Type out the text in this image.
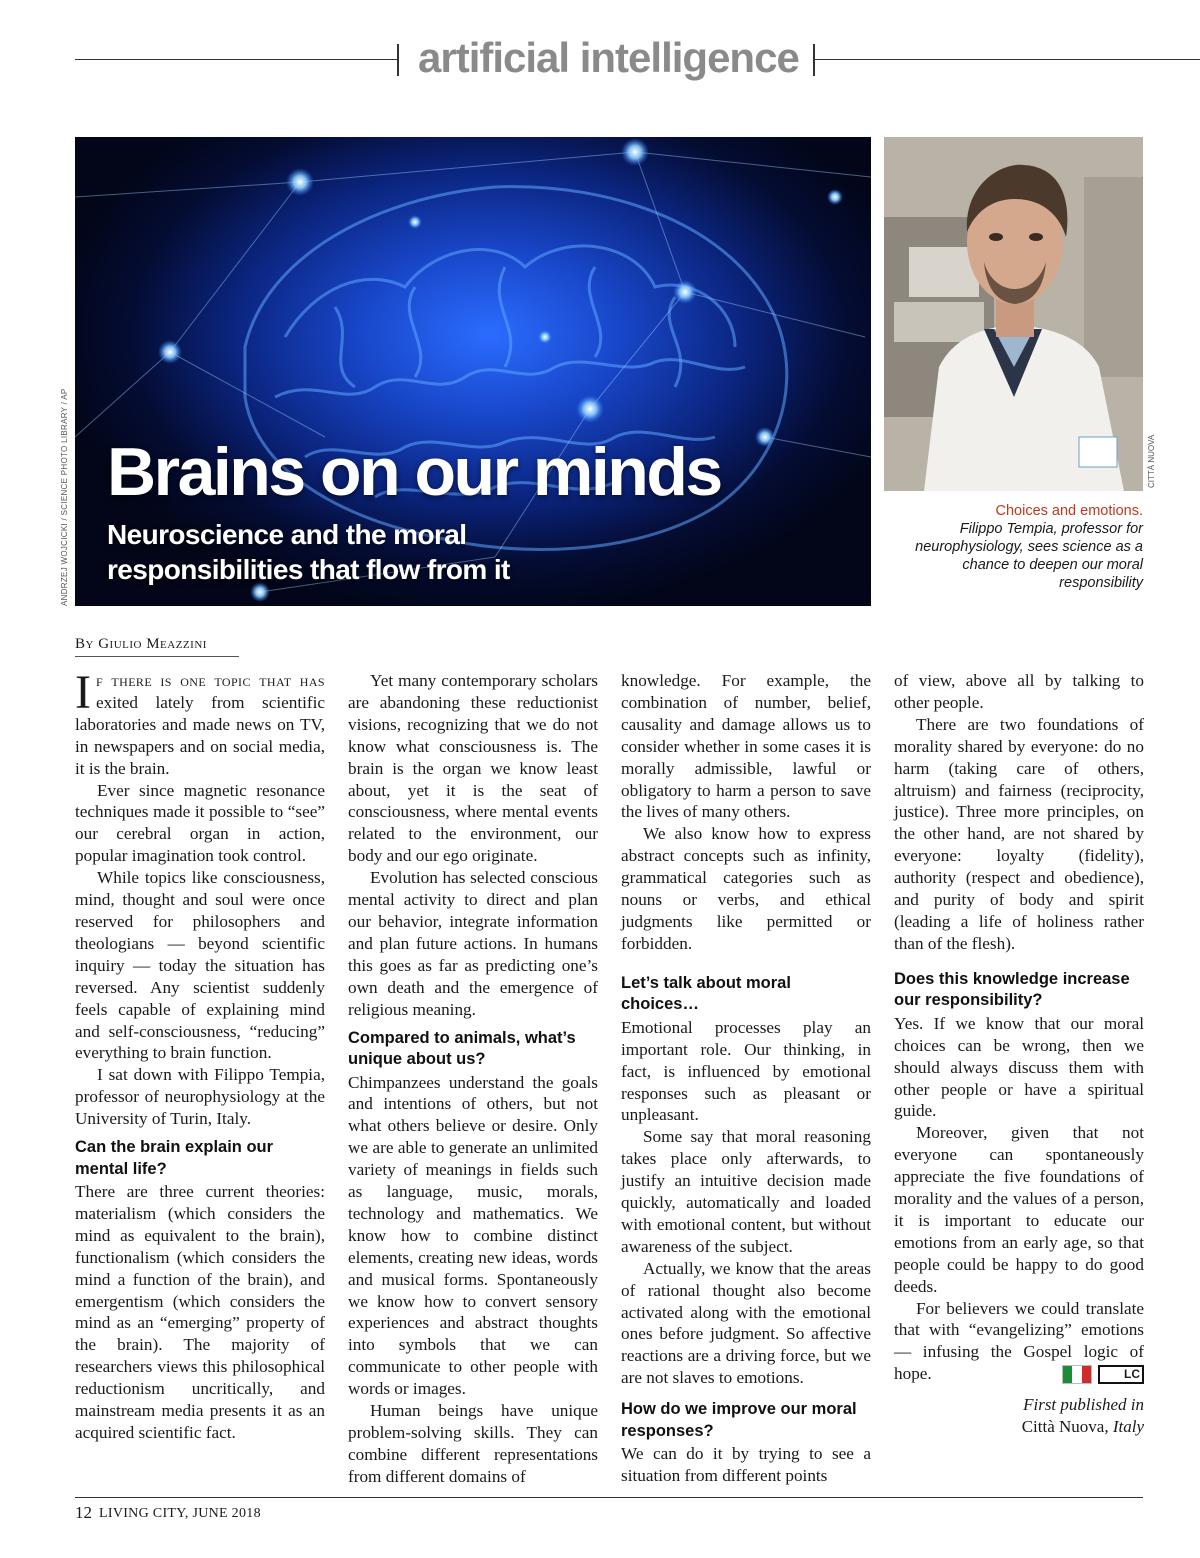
artificial intelligence
ANDRZEJ WOJCICKI / SCIENCE PHOTO LIBRARY / AP Brains on our minds
Neuroscience and the moral responsibilities that flow from it
CITTÀ NUOVA
Choices and emotions.
Filippo Tempia, professor for neurophysiology, sees science as a chance to deepen our moral responsibility
By Giulio Meazzini

If there is one topic that has exited lately from scientific laboratories and made news on TV, in newspapers and on social media, it is the brain.

Ever since magnetic resonance techniques made it possible to “see” our cerebral organ in action, popular imagination took control.

While topics like consciousness, mind, thought and soul were once reserved for philosophers and theologians — beyond scientific inquiry — today the situation has reversed. Any scientist suddenly feels capable of explaining mind and self-consciousness, “reducing” everything to brain function.

I sat down with Filippo Tempia, professor of neurophysiology at the University of Turin, Italy.

Can the brain explain our mental life?

There are three current theories: materialism (which considers the mind as equivalent to the brain), functionalism (which considers the mind a function of the brain), and emergentism (which considers the mind as an “emerging” property of the brain). The majority of researchers views this philosophical reductionism uncritically, and mainstream media presents it as an acquired scientific fact.

Yet many contemporary scholars are abandoning these reductionist visions, recognizing that we do not know what consciousness is. The brain is the organ we know least about, yet it is the seat of consciousness, where mental events related to the environment, our body and our ego originate.

Evolution has selected conscious mental activity to direct and plan our behavior, integrate information and plan future actions. In humans this goes as far as predicting one’s own death and the emergence of religious meaning.

Compared to animals, what’s unique about us?

Chimpanzees understand the goals and intentions of others, but not what others believe or desire. Only we are able to generate an unlimited variety of meanings in fields such as language, music, morals, technology and mathematics. We know how to combine distinct elements, creating new ideas, words and musical forms. Spontaneously we know how to convert sensory experiences and abstract thoughts into symbols that we can communicate to other people with words or images.

Human beings have unique problem-solving skills. They can combine different representations from different domains of

knowledge. For example, the combination of number, belief, causality and damage allows us to consider whether in some cases it is morally admissible, lawful or obligatory to harm a person to save the lives of many others.

We also know how to express abstract concepts such as infinity, grammatical categories such as nouns or verbs, and ethical judgments like permitted or forbidden.

Let’s talk about moral choices…

Emotional processes play an important role. Our thinking, in fact, is influenced by emotional responses such as pleasant or unpleasant.

Some say that moral reasoning takes place only afterwards, to justify an intuitive decision made quickly, automatically and loaded with emotional content, but without awareness of the subject.

Actually, we know that the areas of rational thought also become activated along with the emotional ones before judgment. So affective reactions are a driving force, but we are not slaves to emotions.

How do we improve our moral responses?

We can do it by trying to see a situation from different points

of view, above all by talking to other people.

There are two foundations of morality shared by everyone: do no harm (taking care of others, altruism) and fairness (reciprocity, justice). Three more principles, on the other hand, are not shared by everyone: loyalty (fidelity), authority (respect and obedience), and purity of body and spirit (leading a life of holiness rather than of the flesh).

Does this knowledge increase our responsibility?

Yes. If we know that our moral choices can be wrong, then we should always discuss them with other people or have a spiritual guide.

Moreover, given that not everyone can spontaneously appreciate the five foundations of morality and the values of a person, it is important to educate our emotions from an early age, so that people could be happy to do good deeds.

For believers we could translate that with “evangelizing” emotions — infusing the Gospel logic of hope.	LC

First published in
Città Nuova, Italy
12 LIVING CITY, JUNE 2018
